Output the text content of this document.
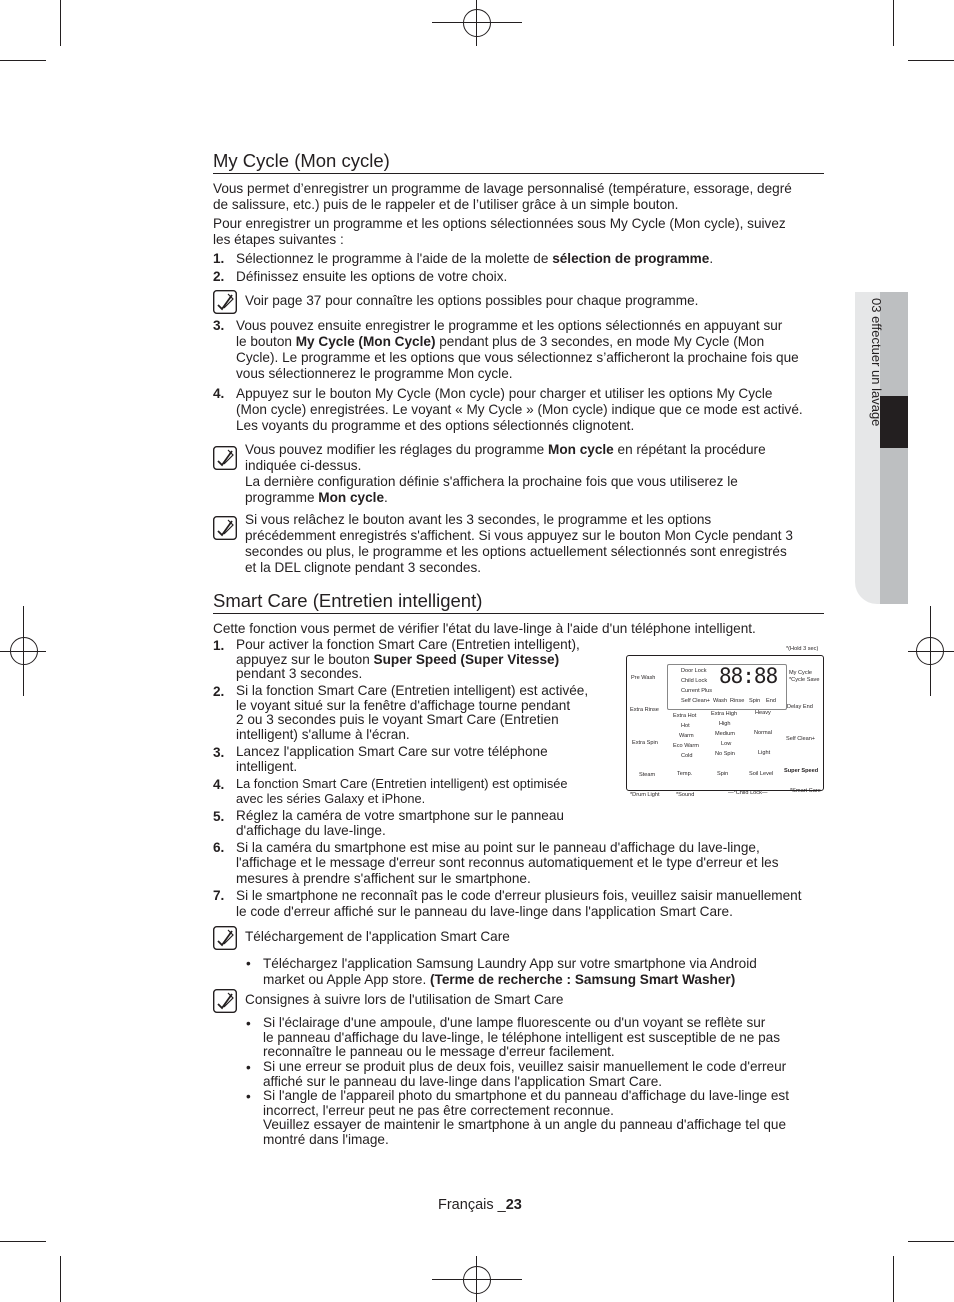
03 effectuer un lavage
My Cycle (Mon cycle)
Vous permet d’enregistrer un programme de lavage personnalisé (température, essorage, degré
de salissure, etc.) puis de le rappeler et de l’utiliser grâce à un simple bouton.
Pour enregistrer un programme et les options sélectionnées sous My Cycle (Mon cycle), suivez
les étapes suivantes :
1. Sélectionnez le programme à l'aide de la molette de sélection de programme.
2. Définissez ensuite les options de votre choix.
Voir page 37 pour connaître les options possibles pour chaque programme.
3. Vous pouvez ensuite enregistrer le programme et les options sélectionnés en appuyant sur
le bouton My Cycle (Mon Cycle) pendant plus de 3 secondes, en mode My Cycle (Mon
Cycle). Le programme et les options que vous sélectionnez s’afficheront la prochaine fois que
vous sélectionnerez le programme Mon cycle.
4. Appuyez sur le bouton My Cycle (Mon cycle) pour charger et utiliser les options My Cycle
(Mon cycle) enregistrées. Le voyant « My Cycle » (Mon cycle) indique que ce mode est activé.
Les voyants du programme et des options sélectionnés clignotent.
Vous pouvez modifier les réglages du programme Mon cycle en répétant la procédure
indiquée ci-dessus.
La dernière configuration définie s'affichera la prochaine fois que vous utiliserez le
programme Mon cycle.
Si vous relâchez le bouton avant les 3 secondes, le programme et les options
précédemment enregistrés s'affichent. Si vous appuyez sur le bouton Mon Cycle pendant 3
secondes ou plus, le programme et les options actuellement sélectionnés sont enregistrés
et la DEL clignote pendant 3 secondes.
Smart Care (Entretien intelligent)
Cette fonction vous permet de vérifier l'état du lave-linge à l'aide d'un téléphone intelligent.
1. Pour activer la fonction Smart Care (Entretien intelligent),
appuyez sur le bouton Super Speed (Super Vitesse)
pendant 3 secondes.
2. Si la fonction Smart Care (Entretien intelligent) est activée,
le voyant situé sur la fenêtre d'affichage tourne pendant
2 ou 3 secondes puis le voyant Smart Care (Entretien
intelligent) s'allume à l'écran.
3. Lancez l'application Smart Care sur votre téléphone
intelligent.
4. La fonction Smart Care (Entretien intelligent) est optimisée
avec les séries Galaxy et iPhone.
5. Réglez la caméra de votre smartphone sur le panneau
d'affichage du lave-linge.
6. Si la caméra du smartphone est mise au point sur le panneau d'affichage du lave-linge,
l'affichage et le message d'erreur sont reconnus automatiquement et le type d'erreur et les
mesures à prendre s'affichent sur le smartphone.
7. Si le smartphone ne reconnaît pas le code d'erreur plusieurs fois, veuillez saisir manuellement
le code d'erreur affiché sur le panneau du lave-linge dans l'application Smart Care.
Téléchargement de l'application Smart Care
• Téléchargez l'application Samsung Laundry App sur votre smartphone via Android
market ou Apple App store. (Terme de recherche : Samsung Smart Washer)
Consignes à suivre lors de l'utilisation de Smart Care
• Si l'éclairage d'une ampoule, d'une lampe fluorescente ou d'un voyant se reflète sur
le panneau d'affichage du lave-linge, le téléphone intelligent est susceptible de ne pas
reconnaître le panneau ou le message d'erreur facilement.
• Si une erreur se produit plus de deux fois, veuillez saisir manuellement le code d'erreur
affiché sur le panneau du lave-linge dans l'application Smart Care.
• Si l'angle de l'appareil photo du smartphone et du panneau d'affichage du lave-linge est
incorrect, l'erreur peut ne pas être correctement reconnue.
Veuillez essayer de maintenir le smartphone à un angle du panneau d'affichage tel que
montré dans l'image.
*(Hold 3 sec)
Pre Wash
Extra Rinse
Extra Spin
Steam
Door Lock
Child Lock
Current Plus
Self Clean+
88:88
Wash Rinse Spin End
Extra Hot
Hot
Warm
Eco Warm
Cold
Extra High
High
Medium
Low
No Spin
Heavy
Normal
Light
Temp.	Spin	Soil Level
My Cycle
*Cycle Save
Delay End
Self Clean+
Super Speed
*Drum Light	*Sound	—*Child Lock—	*Smart Care
Français _23
